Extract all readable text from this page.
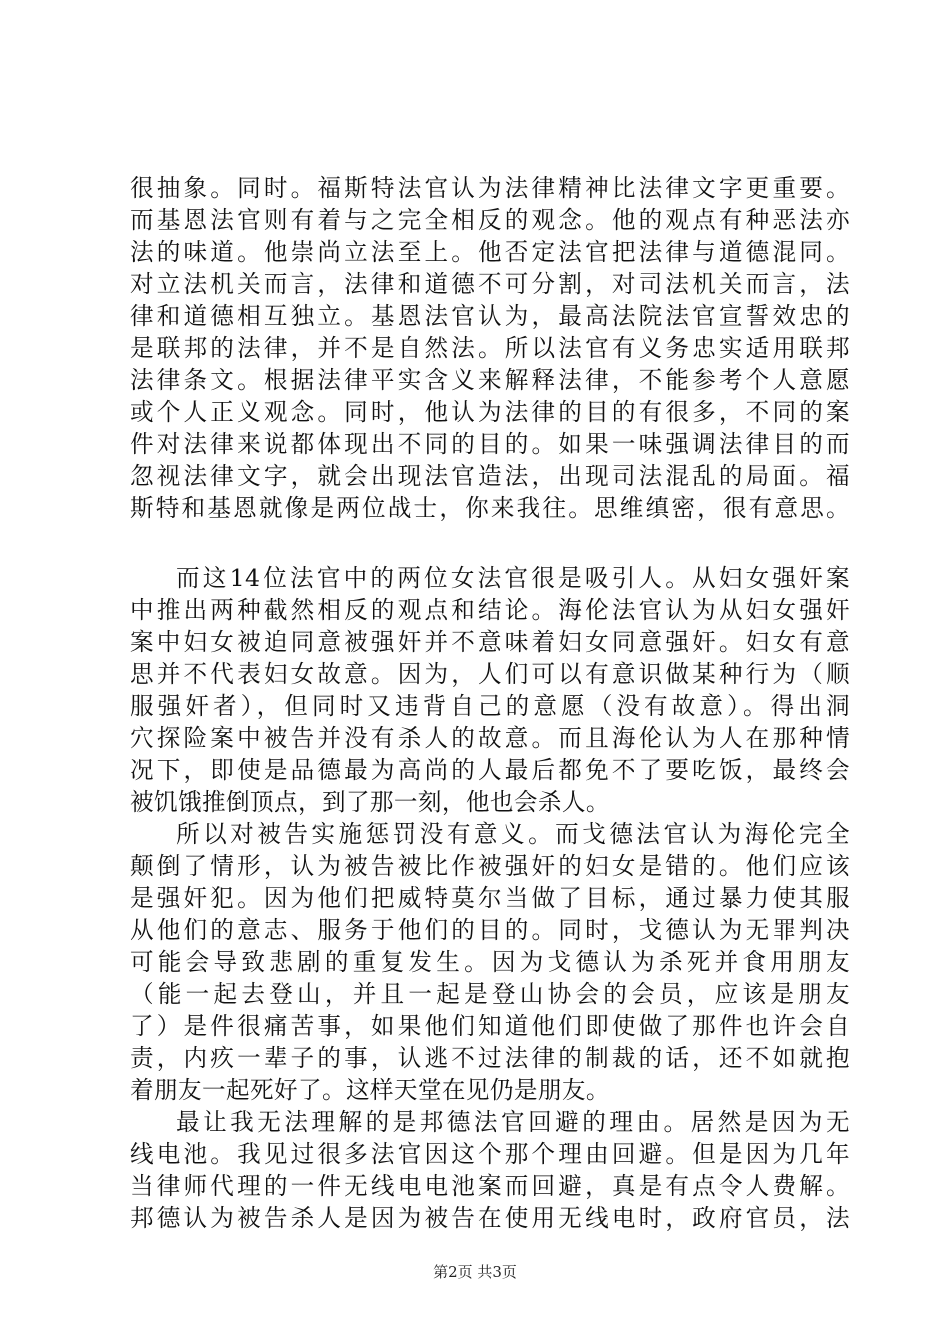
很抽象。同时。福斯特法官认为法律精神比法律文字更重要。
而基恩法官则有着与之完全相反的观念。他的观点有种恶法亦
法的味道。他崇尚立法至上。他否定法官把法律与道德混同。
对立法机关而言，法律和道德不可分割，对司法机关而言，法
律和道德相互独立。基恩法官认为，最高法院法官宣誓效忠的
是联邦的法律，并不是自然法。所以法官有义务忠实适用联邦
法律条文。根据法律平实含义来解释法律，不能参考个人意愿
或个人正义观念。同时，他认为法律的目的有很多，不同的案
件对法律来说都体现出不同的目的。如果一味强调法律目的而
忽视法律文字，就会出现法官造法，出现司法混乱的局面。福
斯特和基恩就像是两位战士，你来我往。思维缜密，很有意思。
而这14位法官中的两位女法官很是吸引人。从妇女强奸案
中推出两种截然相反的观点和结论。海伦法官认为从妇女强奸
案中妇女被迫同意被强奸并不意味着妇女同意强奸。妇女有意
思并不代表妇女故意。因为，人们可以有意识做某种行为（顺
服强奸者），但同时又违背自己的意愿（没有故意）。得出洞
穴探险案中被告并没有杀人的故意。而且海伦认为人在那种情
况下，即使是品德最为高尚的人最后都免不了要吃饭，最终会
被饥饿推倒顶点，到了那一刻，他也会杀人。
所以对被告实施惩罚没有意义。而戈德法官认为海伦完全
颠倒了情形，认为被告被比作被强奸的妇女是错的。他们应该
是强奸犯。因为他们把威特莫尔当做了目标，通过暴力使其服
从他们的意志、服务于他们的目的。同时，戈德认为无罪判决
可能会导致悲剧的重复发生。因为戈德认为杀死并食用朋友
（能一起去登山，并且一起是登山协会的会员，应该是朋友
了）是件很痛苦事，如果他们知道他们即使做了那件也许会自
责，内疚一辈子的事，认逃不过法律的制裁的话，还不如就抱
着朋友一起死好了。这样天堂在见仍是朋友。
最让我无法理解的是邦德法官回避的理由。居然是因为无
线电池。我见过很多法官因这个那个理由回避。但是因为几年
当律师代理的一件无线电电池案而回避，真是有点令人费解。
邦德认为被告杀人是因为被告在使用无线电时，政府官员，法
第2页 共3页
